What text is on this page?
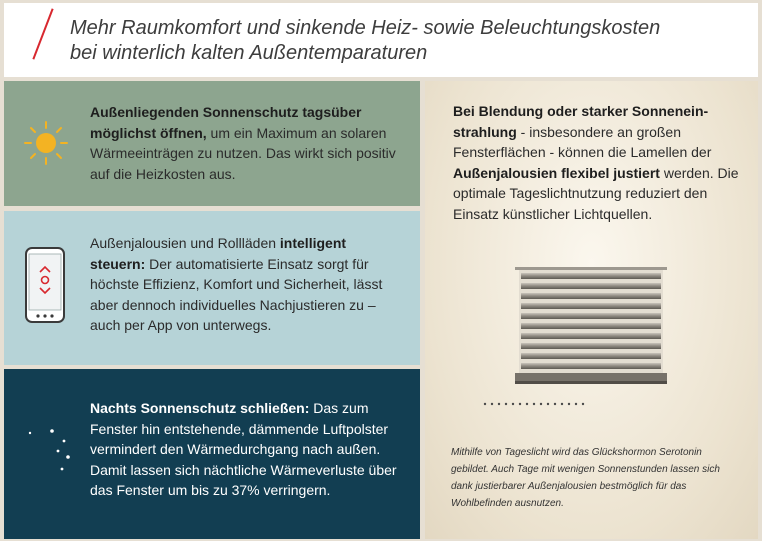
Mehr Raumkomfort und sinkende Heiz- sowie Beleuchtungskosten
bei winterlich kalten Außentemparaturen

Außenliegenden Sonnenschutz tagsüber möglichst öffnen, um ein Maximum an solaren Wärmeeinträgen zu nutzen. Das wirkt sich positiv auf die Heizkosten aus.

Außenjalousien und Rollläden intelligent steuern: Der automatisierte Einsatz sorgt für höchste Effizienz, Komfort und Sicherheit, lässt aber dennoch individuelles Nachjustieren zu – auch per App von unterwegs.

Nachts Sonnenschutz schließen: Das zum Fenster hin entstehende, dämmende Luftpolster vermindert den Wärmedurchgang nach außen. Damit lassen sich nächtliche Wärmeverluste über das Fenster um bis zu 37% verringern.

Bei Blendung oder starker Sonnenein-strahlung - insbesondere an großen Fensterflächen - können die Lamellen der Außenjalousien flexibel justiert werden. Die optimale Tageslichtnutzung reduziert den Einsatz künstlicher Lichtquellen.

Mithilfe von Tageslicht wird das Glückshormon Serotonin gebildet. Auch Tage mit wenigen Sonnenstunden lassen sich dank justierbarer Außenjalousien bestmöglich für das Wohlbefinden ausnutzen.
